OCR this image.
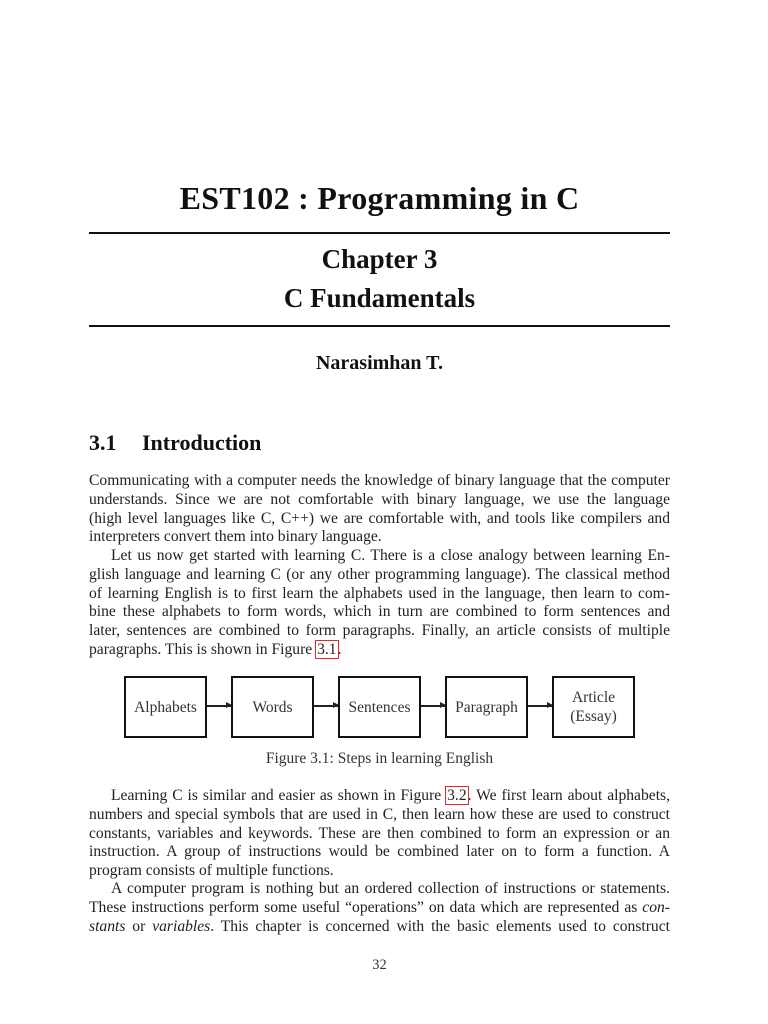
EST102 : Programming in C
Chapter 3
C Fundamentals
Narasimhan T.
3.1 Introduction
Communicating with a computer needs the knowledge of binary language that the computer
understands. Since we are not comfortable with binary language, we use the language
(high level languages like C, C++) we are comfortable with, and tools like compilers and
interpreters convert them into binary language.
Let us now get started with learning C. There is a close analogy between learning En-
glish language and learning C (or any other programming language). The classical method
of learning English is to first learn the alphabets used in the language, then learn to com-
bine these alphabets to form words, which in turn are combined to form sentences and
later, sentences are combined to form paragraphs. Finally, an article consists of multiple
paragraphs. This is shown in Figure 3.1.
Alphabets	Words	Sentences	Paragraph
Article
(Essay)
Figure 3.1: Steps in learning English
Learning C is similar and easier as shown in Figure 3.2. We first learn about alphabets,
numbers and special symbols that are used in C, then learn how these are used to construct
constants, variables and keywords. These are then combined to form an expression or an
instruction. A group of instructions would be combined later on to form a function. A
program consists of multiple functions.
A computer program is nothing but an ordered collection of instructions or statements.
These instructions perform some useful “operations” on data which are represented as con-
stants or variables. This chapter is concerned with the basic elements used to construct
32
